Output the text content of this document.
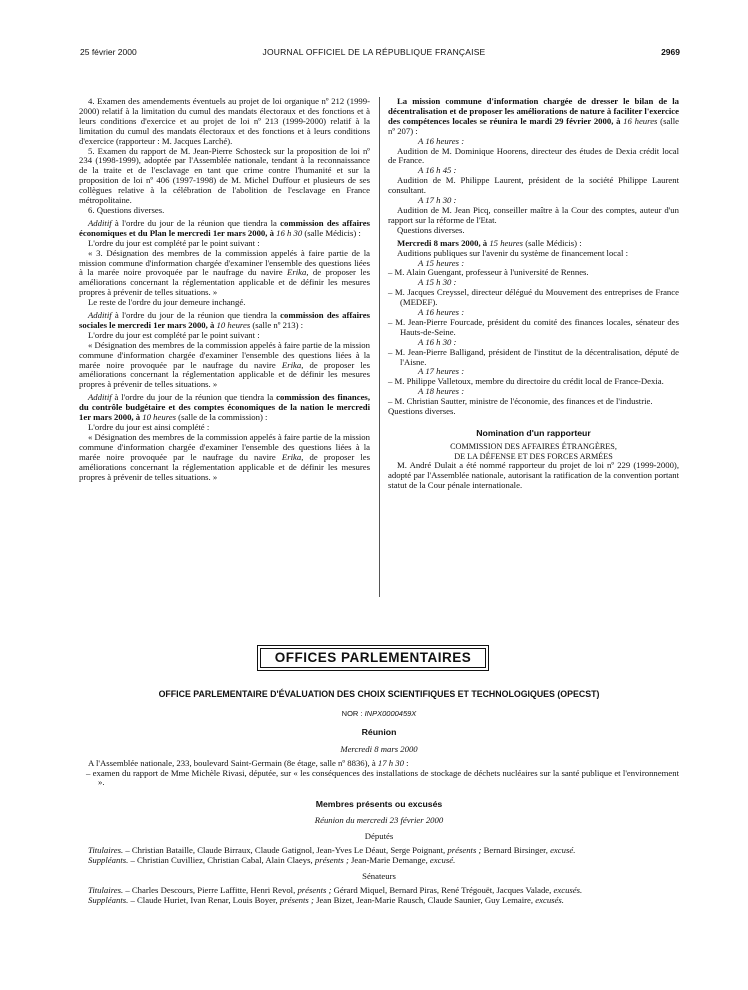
25 février 2000	JOURNAL OFFICIEL DE LA RÉPUBLIQUE FRANÇAISE	2969

4. Examen des amendements éventuels au projet de loi organique nº 212 (1999-2000) relatif à la limitation du cumul des mandats électoraux et des fonctions et à leurs conditions d'exercice et au projet de loi nº 213 (1999-2000) relatif à la limitation du cumul des mandats électoraux et des fonctions et à leurs conditions d'exercice (rapporteur : M. Jacques Larché).

5. Examen du rapport de M. Jean-Pierre Schosteck sur la proposition de loi nº 234 (1998-1999), adoptée par l'Assemblée nationale, tendant à la reconnaissance de la traite et de l'esclavage en tant que crime contre l'humanité et sur la proposition de loi nº 406 (1997-1998) de M. Michel Duffour et plusieurs de ses collègues relative à la célébration de l'abolition de l'esclavage en France métropolitaine.

6. Questions diverses.

Additif à l'ordre du jour de la réunion que tiendra la commission des affaires économiques et du Plan le mercredi 1er mars 2000, à 16 h 30 (salle Médicis) :

L'ordre du jour est complété par le point suivant :

« 3. Désignation des membres de la commission appelés à faire partie de la mission commune d'information chargée d'examiner l'ensemble des questions liées à la marée noire provoquée par le naufrage du navire Erika, de proposer les améliorations concernant la réglementation applicable et de définir les mesures propres à prévenir de telles situations. »

Le reste de l'ordre du jour demeure inchangé.

Additif à l'ordre du jour de la réunion que tiendra la commission des affaires sociales le mercredi 1er mars 2000, à 10 heures (salle nº 213) :

L'ordre du jour est complété par le point suivant :

« Désignation des membres de la commission appelés à faire partie de la mission commune d'information chargée d'examiner l'ensemble des questions liées à la marée noire provoquée par le naufrage du navire Erika, de proposer les améliorations concernant la réglementation applicable et de définir les mesures propres à prévenir de telles situations. »

Additif à l'ordre du jour de la réunion que tiendra la commission des finances, du contrôle budgétaire et des comptes économiques de la nation le mercredi 1er mars 2000, à 10 heures (salle de la commission) :

L'ordre du jour est ainsi complété :

« Désignation des membres de la commission appelés à faire partie de la mission commune d'information chargée d'examiner l'ensemble des questions liées à la marée noire provoquée par le naufrage du navire Erika, de proposer les améliorations concernant la réglementation applicable et de définir les mesures propres à prévenir de telles situations. »

La mission commune d'information chargée de dresser le bilan de la décentralisation et de proposer les améliorations de nature à faciliter l'exercice des compétences locales se réunira le mardi 29 février 2000, à 16 heures (salle nº 207) :

A 16 heures :

Audition de M. Dominique Hoorens, directeur des études de Dexia crédit local de France.

A 16 h 45 :

Audition de M. Philippe Laurent, président de la société Philippe Laurent consultant.

A 17 h 30 :

Audition de M. Jean Picq, conseiller maître à la Cour des comptes, auteur d'un rapport sur la réforme de l'Etat.

Questions diverses.

Mercredi 8 mars 2000, à 15 heures (salle Médicis) :

Auditions publiques sur l'avenir du système de financement local :

A 15 heures :

– M. Alain Guengant, professeur à l'université de Rennes.

A 15 h 30 :

– M. Jacques Creyssel, directeur délégué du Mouvement des entreprises de France (MEDEF).

A 16 heures :

– M. Jean-Pierre Fourcade, président du comité des finances locales, sénateur des Hauts-de-Seine.

A 16 h 30 :

– M. Jean-Pierre Balligand, président de l'institut de la décentralisation, député de l'Aisne.

A 17 heures :

– M. Philippe Valletoux, membre du directoire du crédit local de France-Dexia.

A 18 heures :

– M. Christian Sautter, ministre de l'économie, des finances et de l'industrie.

Questions diverses.

Nomination d'un rapporteur

COMMISSION DES AFFAIRES ÉTRANGÈRES,
DE LA DÉFENSE ET DES FORCES ARMÉES

M. André Dulait a été nommé rapporteur du projet de loi nº 229 (1999-2000), adopté par l'Assemblée nationale, autorisant la ratification de la convention portant statut de la Cour pénale internationale.

OFFICES PARLEMENTAIRES

OFFICE PARLEMENTAIRE D'ÉVALUATION DES CHOIX SCIENTIFIQUES ET TECHNOLOGIQUES (OPECST)

NOR : INPX0000459X

Réunion

Mercredi 8 mars 2000

A l'Assemblée nationale, 233, boulevard Saint-Germain (8e étage, salle nº 8836), à 17 h 30 :

– examen du rapport de Mme Michèle Rivasi, députée, sur « les conséquences des installations de stockage de déchets nucléaires sur la santé publique et l'environnement ».

Membres présents ou excusés

Réunion du mercredi 23 février 2000

Députés

Titulaires. – Christian Bataille, Claude Birraux, Claude Gatignol, Jean-Yves Le Déaut, Serge Poignant, présents ; Bernard Birsinger, excusé.

Suppléants. – Christian Cuvilliez, Christian Cabal, Alain Claeys, présents ; Jean-Marie Demange, excusé.

Sénateurs

Titulaires. – Charles Descours, Pierre Laffitte, Henri Revol, présents ; Gérard Miquel, Bernard Piras, René Trégouët, Jacques Valade, excusés.

Suppléants. – Claude Huriet, Ivan Renar, Louis Boyer, présents ; Jean Bizet, Jean-Marie Rausch, Claude Saunier, Guy Lemaire, excusés.
